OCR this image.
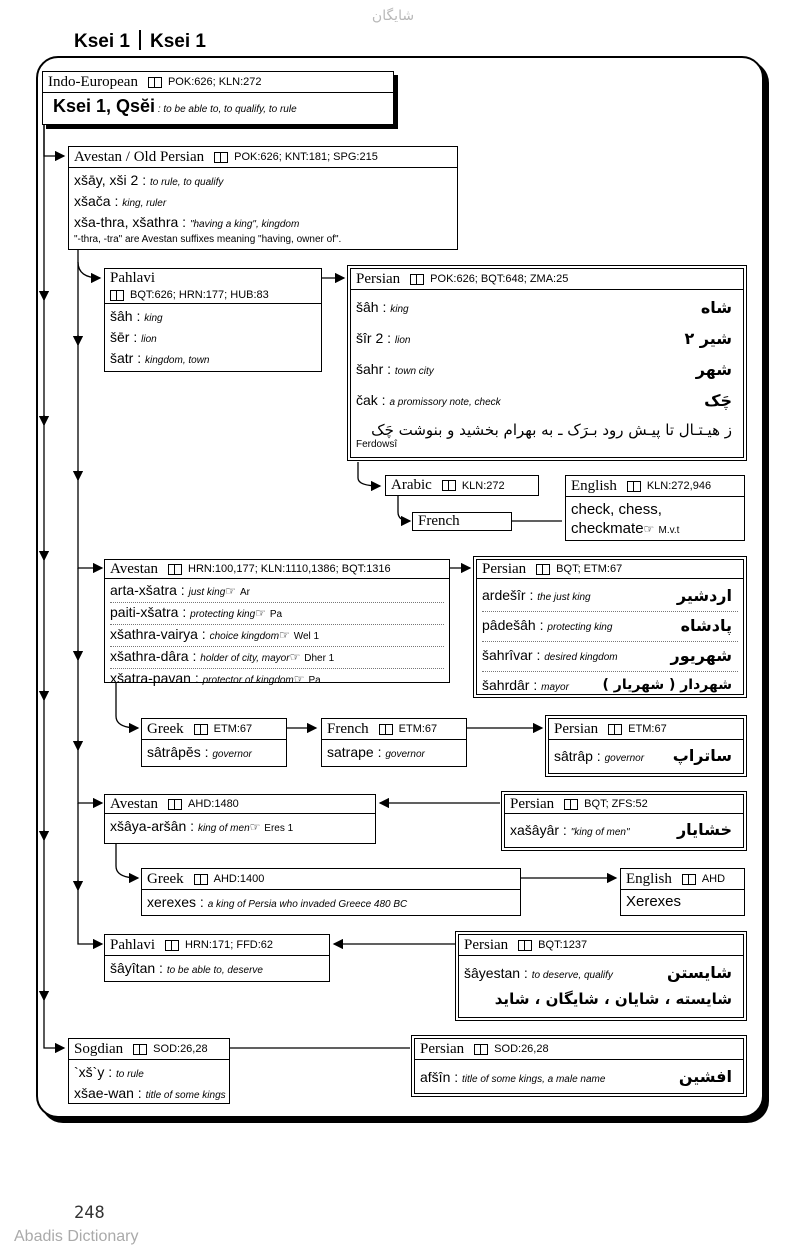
شایگان
Ksei 1 Ksei 1
Indo-European	POK:626; KLN:272
Ksei 1, Qsĕi : to be able to, to qualify, to rule
Avestan / Old Persian	POK:626; KNT:181; SPG:215
xšāy, xši 2 : to rule, to qualify
xšača : king, ruler
xša-thra, xšathra : "having a king", kingdom
"-thra, -tra" are Avestan suffixes meaning "having, owner of".
Pahlavi
BQT:626; HRN:177; HUB:83
šâh : king
šēr : lion
šatr : kingdom, town
Persian	POK:626; BQT:648; ZMA:25
šâh : king	شاه
šîr 2 : lion	شیر ۲
šahr : town city	شهر
čak : a promissory note, check	چَک
ز هیـتـال تا پیـش رود بـرَک ـ به بهرام بخشید و بنوشت چَک
Ferdowsî
Arabic	KLN:272
French
English	KLN:272,946
check, chess,
checkmate☞ M.v.t
Avestan	HRN:100,177; KLN:1110,1386; BQT:1316
arta-xšatra : just king☞ Ar
paiti-xšatra : protecting king☞ Pa
xšathra-vairya : choice kingdom☞ Wel 1
xšathra-dâra : holder of city, mayor☞ Dher 1
xšatra-pavan : protector of kingdom☞ Pa
Persian	BQT; ETM:67
ardešîr : the just king	اردشیر
pâdešâh : protecting king	پادشاه
šahrîvar : desired kingdom	شهریور
šahrdâr : mayor شهردار ( شهریار )
Greek	ETM:67
sâtrâpĕs : governor
French	ETM:67
satrape : governor
Persian	ETM:67
sâtrâp : governor ساتراپ
Avestan	AHD:1480
xšâya-aršân : king of men☞ Eres 1
Persian	BQT; ZFS:52
xašâyâr : "king of men"	خشایار
Greek	AHD:1400
xerexes : a king of Persia who invaded Greece 480 BC
English	AHD
Xerexes
Pahlavi	HRN:171; FFD:62
šâyîtan : to be able to, deserve
Persian	BQT:1237
šâyestan : to deserve, qualify	شایستن
شایسته ، شایان ، شایگان ، شاید
Sogdian	SOD:26,28
`xš`y : to rule
xšae-wan : title of some kings
Persian	SOD:26,28
afšîn : title of some kings, a male name	افشین
248
Abadis Dictionary
